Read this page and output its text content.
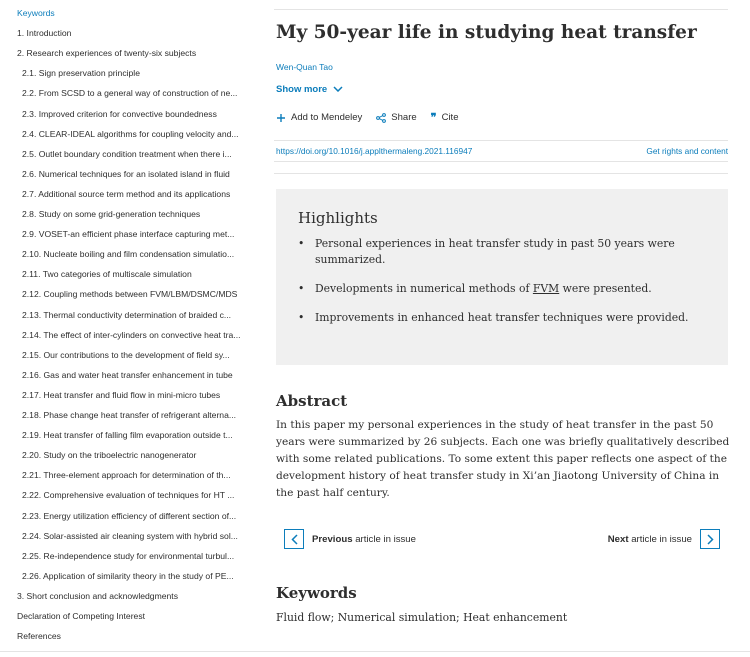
Keywords
1. Introduction
2. Research experiences of twenty-six subjects
2.1. Sign preservation principle
2.2. From SCSD to a general way of construction of ne...
2.3. Improved criterion for convective boundedness
2.4. CLEAR-IDEAL algorithms for coupling velocity and...
2.5. Outlet boundary condition treatment when there i...
2.6. Numerical techniques for an isolated island in fluid
2.7. Additional source term method and its applications
2.8. Study on some grid-generation techniques
2.9. VOSET-an efficient phase interface capturing met...
2.10. Nucleate boiling and film condensation simulatio...
2.11. Two categories of multiscale simulation
2.12. Coupling methods between FVM/LBM/DSMC/MDS
2.13. Thermal conductivity determination of braided c...
2.14. The effect of inter-cylinders on convective heat tra...
2.15. Our contributions to the development of field sy...
2.16. Gas and water heat transfer enhancement in tube
2.17. Heat transfer and fluid flow in mini-micro tubes
2.18. Phase change heat transfer of refrigerant alterna...
2.19. Heat transfer of falling film evaporation outside t...
2.20. Study on the triboelectric nanogenerator
2.21. Three-element approach for determination of th...
2.22. Comprehensive evaluation of techniques for HT ...
2.23. Energy utilization efficiency of different section of...
2.24. Solar-assisted air cleaning system with hybrid sol...
2.25. Re-independence study for environmental turbul...
2.26. Application of similarity theory in the study of PE...
3. Short conclusion and acknowledgments
Declaration of Competing Interest
References
My 50-year life in studying heat transfer
Wen-Quan Tao
Show more
Add to Mendeley	Share ❞ Cite
https://doi.org/10.1016/j.applthermaleng.2021.116947	Get rights and content
Highlights
• Personal experiences in heat transfer study in past 50 years were summarized.
• Developments in numerical methods of FVM were presented.
• Improvements in enhanced heat transfer techniques were provided.
Abstract

In this paper my personal experiences in the study of heat transfer in the past 50 years were summarized by 26 subjects. Each one was briefly qualitatively described with some related publications. To some extent this paper reflects one aspect of the development history of heat transfer study in Xi’an Jiaotong University of China in the past half century.

Previous article in issue	Next article in issue
Keywords

Fluid flow; Numerical simulation; Heat enhancement
